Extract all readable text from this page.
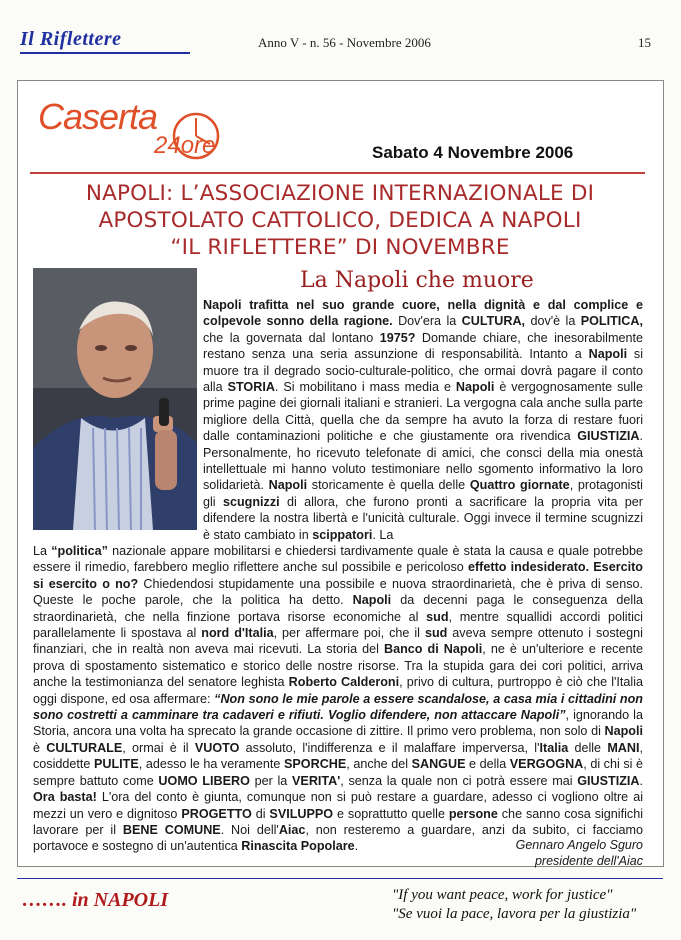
Il Riflettere	Anno V - n. 56 - Novembre 2006	15
Caserta
24ore	Sabato 4 Novembre 2006
NAPOLI: L’ASSOCIAZIONE INTERNAZIONALE DI
APOSTOLATO CATTOLICO, DEDICA A NAPOLI
“IL RIFLETTERE” DI NOVEMBRE
La Napoli che muore
Napoli trafitta nel suo grande cuore, nella dignità e dal complice e colpevole sonno della ragione. Dov'era la CULTURA, dov'è la POLITICA, che la governata dal lontano 1975? Domande chiare, che inesorabilmente restano senza una seria assunzione di responsabilità. Intanto a Napoli si muore tra il degrado socio-culturale-politico, che ormai dovrà pagare il conto alla STORIA. Si mobilitano i mass media e Napoli è vergognosamente sulle prime pagine dei giornali italiani e stranieri. La vergogna cala anche sulla parte migliore della Città, quella che da sempre ha avuto la forza di restare fuori dalle contaminazioni politiche e che giustamente ora rivendica GIUSTIZIA. Personalmente, ho ricevuto telefonate di amici, che consci della mia onestà intellettuale mi hanno voluto testimoniare nello sgomento informativo la loro solidarietà. Napoli storicamente è quella delle Quattro giornate, protagonisti gli scugnizzi di allora, che furono pronti a sacrificare la propria vita per difendere la nostra libertà e l'unicità culturale. Oggi invece il termine scugnizzi è stato cambiato in scippatori. La
La “politica” nazionale appare mobilitarsi e chiedersi tardivamente quale è stata la causa e quale potrebbe essere il rimedio, farebbero meglio riflettere anche sul possibile e pericoloso effetto indesiderato. Esercito si esercito o no? Chiedendosi stupidamente una possibile e nuova straordinarietà, che è priva di senso. Queste le poche parole, che la politica ha detto. Napoli da decenni paga le conseguenza della straordinarietà, che nella finzione portava risorse economiche al sud, mentre squallidi accordi politici parallelamente li spostava al nord d'Italia, per affermare poi, che il sud aveva sempre ottenuto i sostegni finanziari, che in realtà non aveva mai ricevuti. La storia del Banco di Napoli, ne è un'ulteriore e recente prova di spostamento sistematico e storico delle nostre risorse. Tra la stupida gara dei cori politici, arriva anche la testimonianza del senatore leghista Roberto Calderoni, privo di cultura, purtroppo è ciò che l'Italia oggi dispone, ed osa affermare: “Non sono le mie parole a essere scandalose, a casa mia i cittadini non sono costretti a camminare tra cadaveri e rifiuti. Voglio difendere, non attaccare Napoli”, ignorando la Storia, ancora una volta ha sprecato la grande occasione di zittire. Il primo vero problema, non solo di Napoli è CULTURALE, ormai è il VUOTO assoluto, l'indifferenza e il malaffare imperversa, l'Italia delle MANI, cosiddette PULITE, adesso le ha veramente SPORCHE, anche del SANGUE e della VERGOGNA, di chi si è sempre battuto come UOMO LIBERO per la VERITA', senza la quale non ci potrà essere mai GIUSTIZIA. Ora basta! L'ora del conto è giunta, comunque non si può restare a guardare, adesso ci vogliono oltre ai mezzi un vero e dignitoso PROGETTO di SVILUPPO e soprattutto quelle persone che sanno cosa significhi lavorare per il BENE COMUNE. Noi dell'Aiac, non resteremo a guardare, anzi da subito, ci facciamo portavoce e sostegno di un'autentica Rinascita Popolare.	Gennaro Angelo Sguro
presidente dell'Aiac
……. in NAPOLI	"If you want peace, work for justice"
"Se vuoi la pace, lavora per la giustizia"
